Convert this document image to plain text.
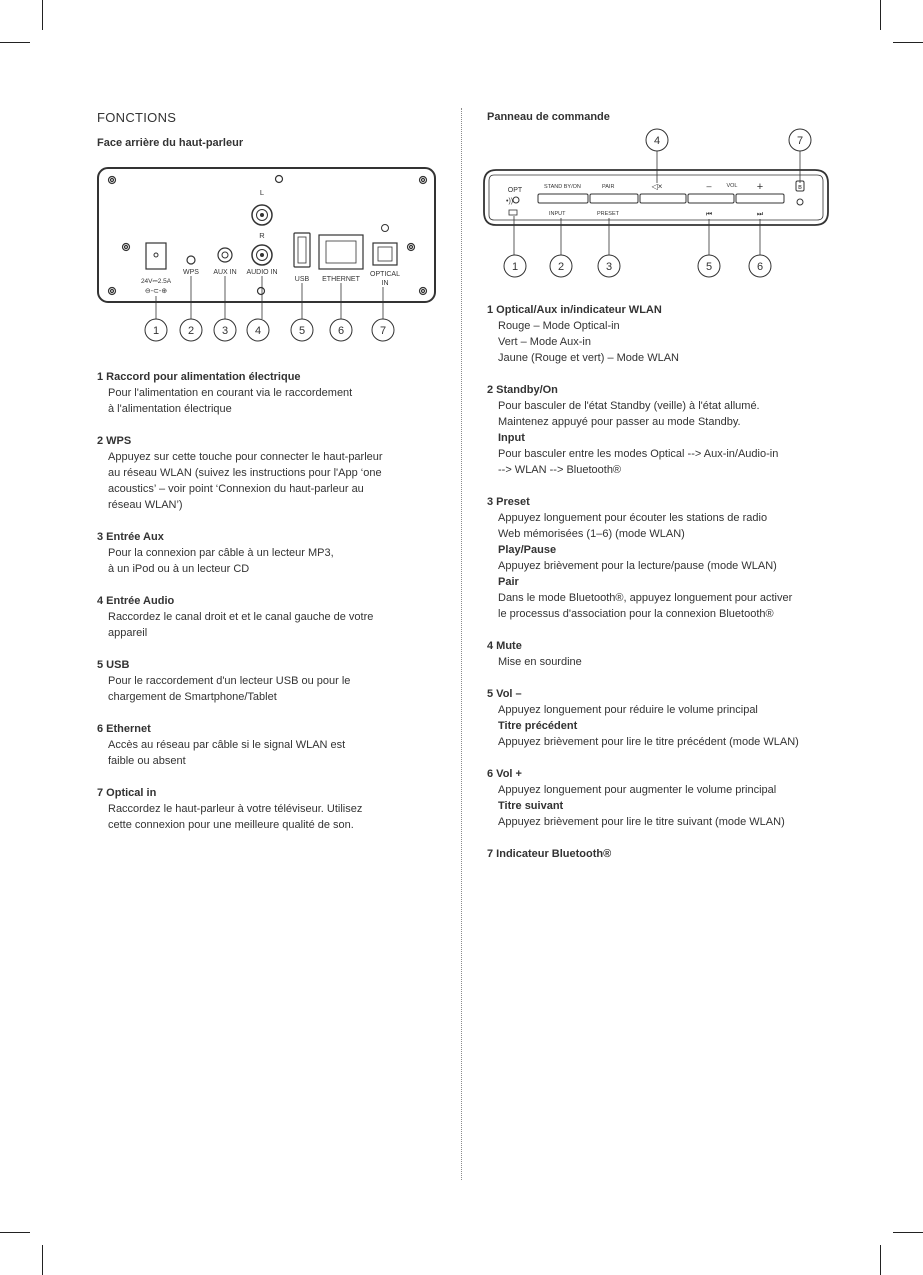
FONCTIONS
Face arrière du haut-parleur
Panneau de commande
24V⎓2.5A
⊖-⊂-⊕
WPS AUX IN
L
R
AUDIO IN
USB ETHERNET
OPTICAL
IN
1	2	3 4	5	6	7
4	7
OPT
•))
STAND BY/ON	PAIR	◁×	–	VOL +	ʙ
INPUT	PRESET	⏮	⏭
1	2	3	5	6
1 Raccord pour alimentation électrique
Pour l'alimentation en courant via le raccordement
à l'alimentation électrique
2 WPS
Appuyez sur cette touche pour connecter le haut-parleur
au réseau WLAN (suivez les instructions pour l'App ‘one
acoustics’ – voir point ‘Connexion du haut-parleur au
réseau WLAN’)
3 Entrée Aux
Pour la connexion par câble à un lecteur MP3,
à un iPod ou à un lecteur CD
4 Entrée Audio
Raccordez le canal droit et et le canal gauche de votre
appareil
5 USB
Pour le raccordement d'un lecteur USB ou pour le
chargement de Smartphone/Tablet
6 Ethernet
Accès au réseau par câble si le signal WLAN est
faible ou absent
7 Optical in
Raccordez le haut-parleur à votre téléviseur. Utilisez
cette connexion pour une meilleure qualité de son.
1 Optical/Aux in/indicateur WLAN
Rouge – Mode Optical-in
Vert – Mode Aux-in
Jaune (Rouge et vert) – Mode WLAN
2 Standby/On
Pour basculer de l'état Standby (veille) à l'état allumé.
Maintenez appuyé pour passer au mode Standby.
Input
Pour basculer entre les modes Optical --> Aux-in/Audio-in
--> WLAN --> Bluetooth®
3 Preset
Appuyez longuement pour écouter les stations de radio
Web mémorisées (1–6) (mode WLAN)
Play/Pause
Appuyez brièvement pour la lecture/pause (mode WLAN)
Pair
Dans le mode Bluetooth®, appuyez longuement pour activer
le processus d'association pour la connexion Bluetooth®
4 Mute
Mise en sourdine
5 Vol –
Appuyez longuement pour réduire le volume principal
Titre précédent
Appuyez brièvement pour lire le titre précédent (mode WLAN)
6 Vol +
Appuyez longuement pour augmenter le volume principal
Titre suivant
Appuyez brièvement pour lire le titre suivant (mode WLAN)
7 Indicateur Bluetooth®
